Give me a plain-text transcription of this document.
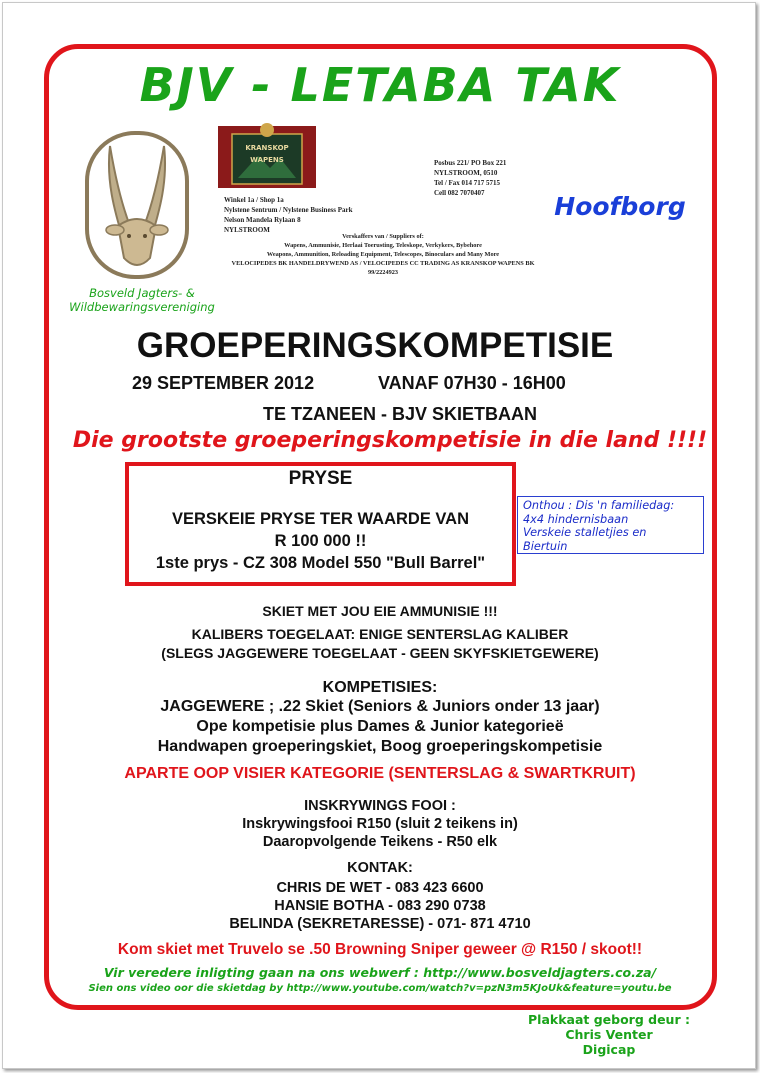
BJV - LETABA TAK
Bosveld Jagters- &
Wildbewaringsvereniging
KRANSKOP
WAPENS
Winkel 1a / Shop 1a
Nylstene Sentrum / Nylstene Business Park
Nelson Mandela Rylaan 8
NYLSTROOM
Posbus 221/ PO Box 221
NYLSTROOM, 0510
Tel / Fax 014 717 5715
Cell 082 7070407
Verskaffers van / Suppliers of:
Wapens, Ammunisie, Herlaai Toerusting, Teleskope, Verkykers, Bybehore
Weapons, Ammunition, Reloading Equipment, Telescopes, Binoculars and Many More
VELOCIPEDES BK HANDELDRYWEND AS / VELOCIPEDES CC TRADING AS KRANSKOP WAPENS BK
99/2224923
Hoofborg
GROEPERINGSKOMPETISIE
29 SEPTEMBER 2012	VANAF 07H30 - 16H00
TE TZANEEN - BJV SKIETBAAN
Die grootste groeperingskompetisie in die land !!!!
PRYSE
VERSKEIE PRYSE TER WAARDE VAN
R 100 000 !!
1ste prys - CZ 308 Model 550 "Bull Barrel"
Onthou : Dis 'n familiedag:
4x4 hindernisbaan
Verskeie stalletjies en
Biertuin
SKIET MET JOU EIE AMMUNISIE !!!
KALIBERS TOEGELAAT: ENIGE SENTERSLAG KALIBER
(SLEGS JAGGEWERE TOEGELAAT - GEEN SKYFSKIETGEWERE)
KOMPETISIES:
JAGGEWERE ; .22 Skiet (Seniors & Juniors onder 13 jaar)
Ope kompetisie plus Dames & Junior kategorieë
Handwapen groeperingskiet, Boog groeperingskompetisie
APARTE OOP VISIER KATEGORIE (SENTERSLAG & SWARTKRUIT)
INSKRYWINGS FOOI :
Inskrywingsfooi R150 (sluit 2 teikens in)
Daaropvolgende Teikens - R50 elk
KONTAK:
CHRIS DE WET - 083 423 6600
HANSIE BOTHA - 083 290 0738
BELINDA (SEKRETARESSE) - 071- 871 4710
Kom skiet met Truvelo se .50 Browning Sniper geweer @ R150 / skoot!!
Vir veredere inligting gaan na ons webwerf : http://www.bosveldjagters.co.za/
Sien ons video oor die skietdag by http://www.youtube.com/watch?v=pzN3m5KJoUk&feature=youtu.be
Plakkaat geborg deur :
Chris Venter
Digicap
